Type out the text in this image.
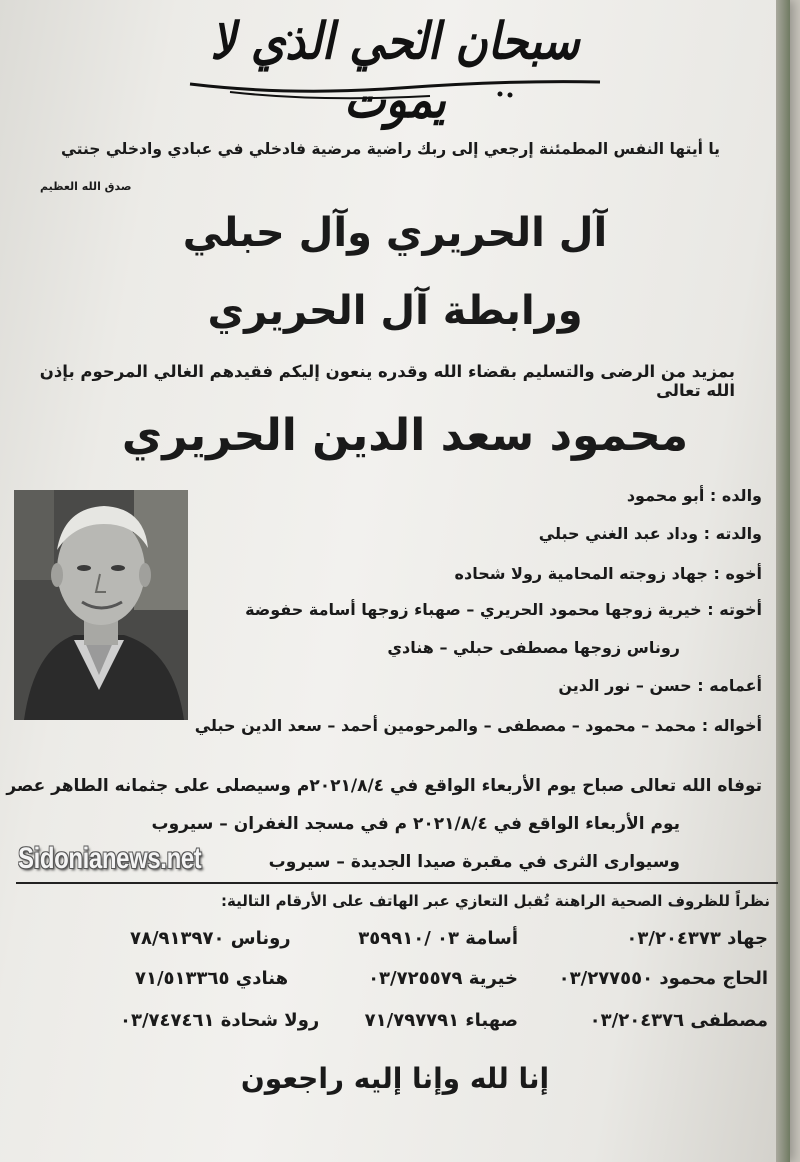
سبحان الحي الذي لا يموت
يا أيتها النفس المطمئنة إرجعي إلى ربك راضية مرضية فادخلي في عبادي وادخلي جنتي
صدق الله العظيم
آل الحريري وآل حبلي
ورابطة آل الحريري
بمزيد من الرضى والتسليم بقضاء الله وقدره ينعون إليكم فقيدهم الغالي المرحوم بإذن الله تعالى
محمود سعد الدين الحريري
والده : أبو محمود
والدته : وداد عبد الغني حبلي
أخوه : جهاد زوجته المحامية رولا شحاده
أخوته : خيرية زوجها محمود الحريري – صهباء زوجها أسامة حفوضة
روناس زوجها مصطفى حبلي – هنادي
أعمامه : حسن – نور الدين
أخواله : محمد – محمود – مصطفى – والمرحومين أحمد – سعد الدين حبلي
توفاه الله تعالى صباح يوم الأربعاء الواقع في ٢٠٢١/٨/٤م وسيصلى على جثمانه الطاهر عصر
يوم الأربعاء الواقع في ٢٠٢١/٨/٤ م في مسجد الغفران – سيروب
وسيوارى الثرى في مقبرة صيدا الجديدة – سيروب
Sidonianews.net
نظراً للظروف الصحية الراهنة تُقبل التعازي عبر الهاتف على الأرقام التالية:
جهاد ٠٣/٢٠٤٣٧٣
أسامة ٠٣ /٣٥٩٩١٠
روناس ٧٨/٩١٣٩٧٠
الحاج محمود ٠٣/٢٧٧٥٥٠
خيرية ٠٣/٧٢٥٥٧٩
هنادي ٧١/٥١٣٣٦٥
مصطفى ٠٣/٢٠٤٣٧٦
صهباء ٧١/٧٩٧٧٩١
رولا شحادة ٠٣/٧٤٧٤٦١
إنا لله وإنا إليه راجعون
